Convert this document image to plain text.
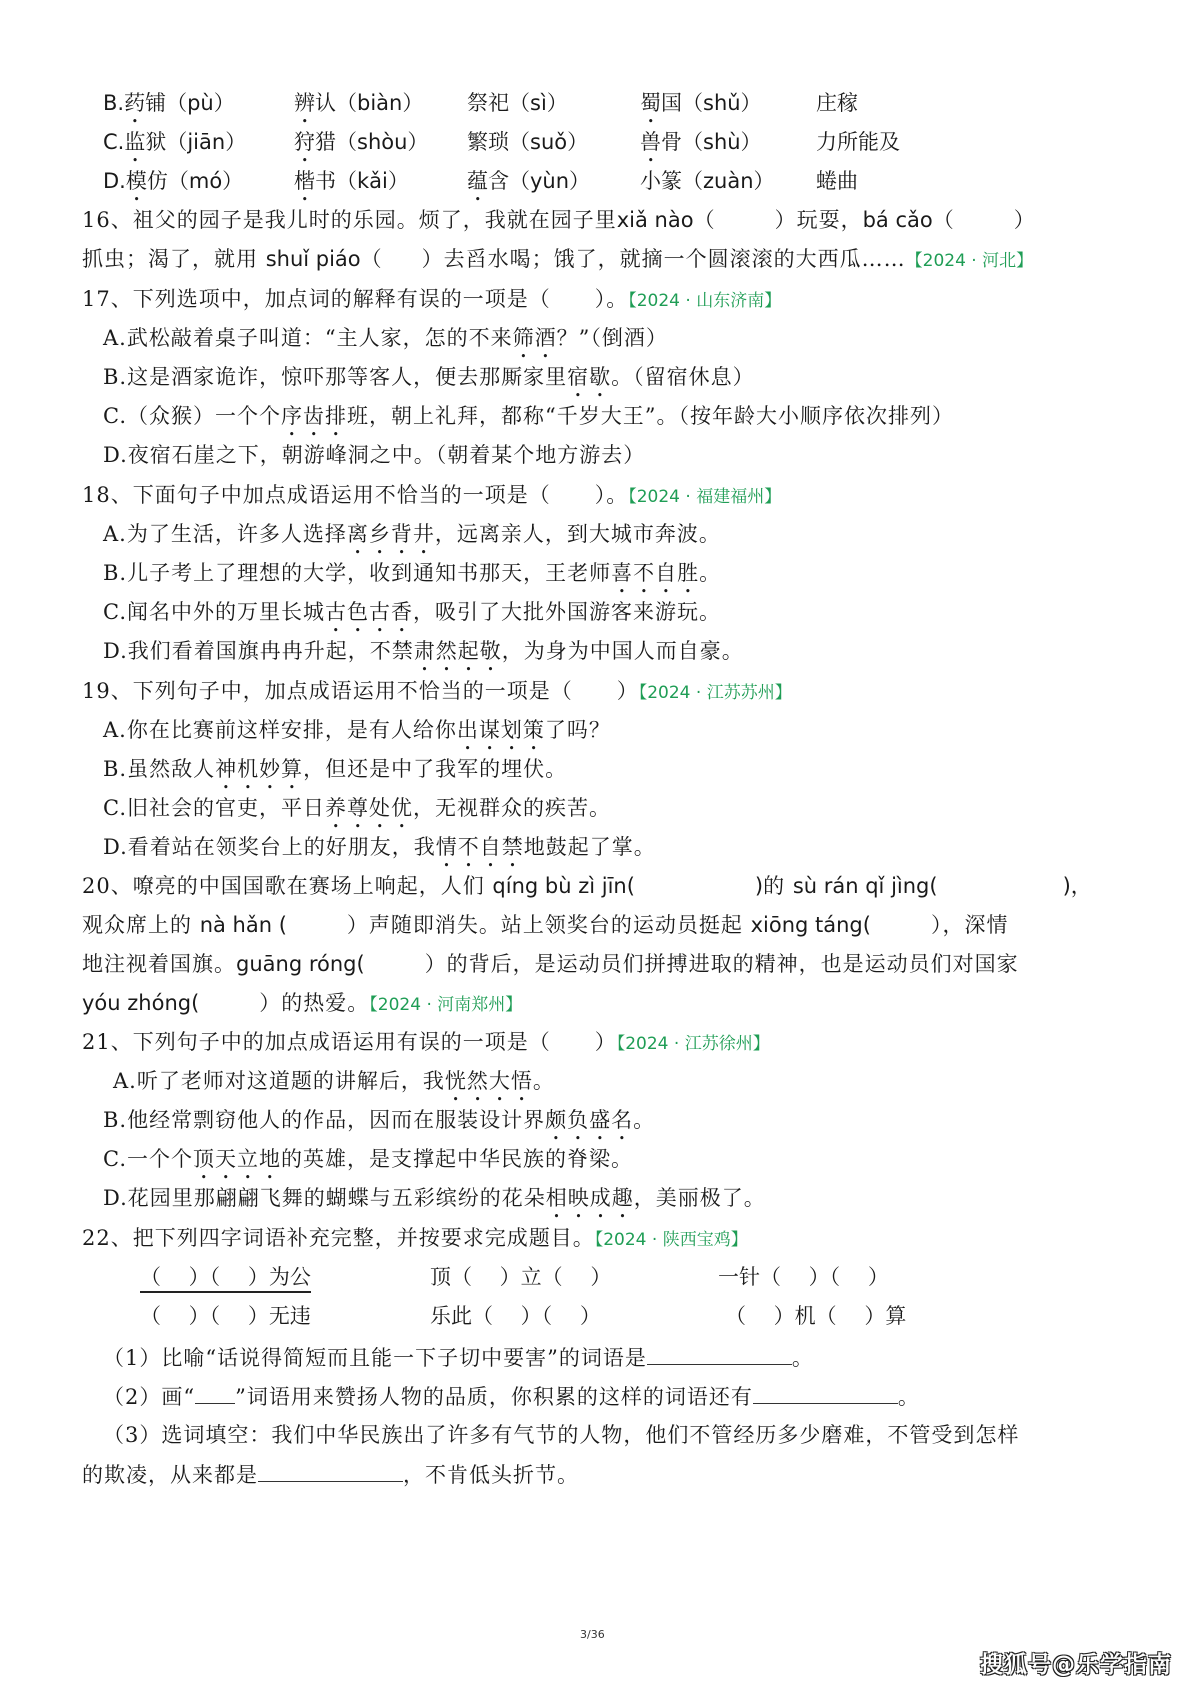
B.药铺（pù）	辨认（biàn） 祭祀（sì）	蜀国（shǔ）	庄稼
C.监狱（jiān） 狩猎（shòu） 繁琐（suǒ） 兽骨（shù）	力所能及
D.模仿（mó） 楷书（kǎi）	蕴含（yùn） 小篆（zuàn） 蜷曲
16、祖父的园子是我儿时的乐园。烦了，我就在园子里xiǎ nào（	）玩耍，bá cǎo（	）
抓虫；渴了，就用 shuǐ piáo（ ）去舀水喝；饿了，就摘一个圆滚滚的大西瓜……【2024 · 河北】
17、下列选项中，加点词的解释有误的一项是（　　）。【2024 · 山东济南】
A.武松敲着桌子叫道：“主人家，怎的不来筛酒？”（倒酒）
B.这是酒家诡诈，惊吓那等客人，便去那厮家里宿歇。（留宿休息）
C.（众猴）一个个序齿排班，朝上礼拜，都称“千岁大王”。（按年龄大小顺序依次排列）
D.夜宿石崖之下，朝游峰洞之中。（朝着某个地方游去）
18、下面句子中加点成语运用不恰当的一项是（　　）。【2024 · 福建福州】
A.为了生活，许多人选择离乡背井，远离亲人，到大城市奔波。
B.儿子考上了理想的大学，收到通知书那天，王老师喜不自胜。
C.闻名中外的万里长城古色古香，吸引了大批外国游客来游玩。
D.我们看着国旗冉冉升起，不禁肃然起敬，为身为中国人而自豪。
19、下列句子中，加点成语运用不恰当的一项是（　　）【2024 · 江苏苏州】
A.你在比赛前这样安排，是有人给你出谋划策了吗？
B.虽然敌人神机妙算，但还是中了我军的埋伏。
C.旧社会的官吏，平日养尊处优，无视群众的疾苦。
D.看着站在领奖台上的好朋友，我情不自禁地鼓起了掌。
20、嘹亮的中国国歌在赛场上响起，人们 qíng bù zì jīn(	)的 sù rán qǐ jìng(	)，
观众席上的 nà hǎn (	）声随即消失。站上领奖台的运动员挺起 xiōng táng(	），深情
地注视着国旗。guāng róng(	）的背后，是运动员们拼搏进取的精神，也是运动员们对国家
yóu zhóng(	）的热爱。【2024 · 河南郑州】
21、下列句子中的加点成语运用有误的一项是（　　）【2024 · 江苏徐州】
A.听了老师对这道题的讲解后，我恍然大悟。
B.他经常剽窃他人的作品，因而在服装设计界颇负盛名。
C.一个个顶天立地的英雄，是支撑起中华民族的脊梁。
D.花园里那翩翩飞舞的蝴蝶与五彩缤纷的花朵相映成趣，美丽极了。
22、把下列四字词语补充完整，并按要求完成题目。【2024 · 陕西宝鸡】
（　 ）（　 ）为公	顶（　 ）立（　 ）	一针（　 ）（　 ）
（　 ）（　 ）无违	乐此（　 ）（　 ）	（　 ）机（　 ）算
（1）比喻“话说得简短而且能一下子切中要害”的词语是	。
（2）画“ ”词语用来赞扬人物的品质，你积累的这样的词语还有	。
（3）选词填空：我们中华民族出了许多有气节的人物，他们不管经历多少磨难，不管受到怎样
的欺凌，从来都是	，不肯低头折节。
3/36
搜狐号@乐学指南
